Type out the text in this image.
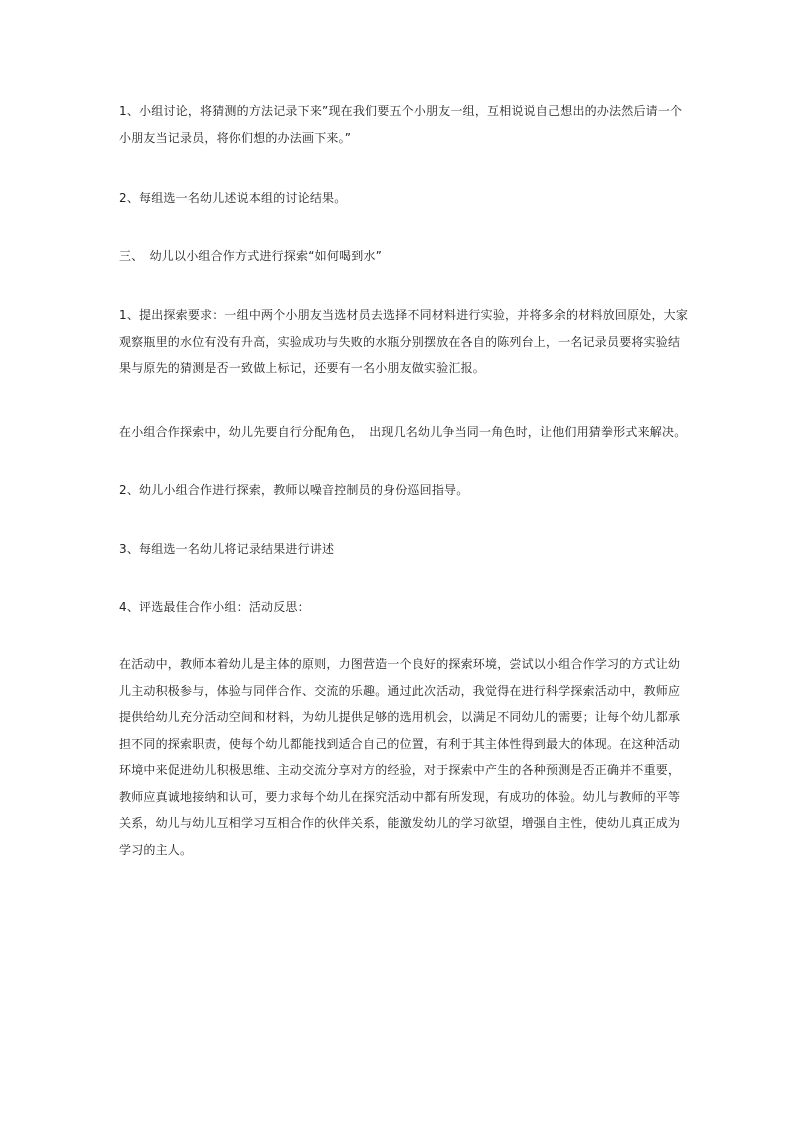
1、小组讨论，将猜测的方法记录下来”现在我们要五个小朋友一组，互相说说自己想出的办法然后请一个
小朋友当记录员，将你们想的办法画下来。”

2、每组选一名幼儿述说本组的讨论结果。

三、　幼儿以小组合作方式进行探索“如何喝到水”

1、提出探索要求：一组中两个小朋友当选材员去选择不同材料进行实验，并将多余的材料放回原处，大家
观察瓶里的水位有没有升高，实验成功与失败的水瓶分别摆放在各自的陈列台上，一名记录员要将实验结
果与原先的猜测是否一致做上标记，还要有一名小朋友做实验汇报。

在小组合作探索中，幼儿先要自行分配角色，　出现几名幼儿争当同一角色时，让他们用猜拳形式来解决。

2、幼儿小组合作进行探索，教师以噪音控制员的身份巡回指导。

3、每组选一名幼儿将记录结果进行讲述

4、评选最佳合作小组：活动反思：

在活动中，教师本着幼儿是主体的原则，力图营造一个良好的探索环境，尝试以小组合作学习的方式让幼
儿主动积极参与，体验与同伴合作、交流的乐趣。通过此次活动，我觉得在进行科学探索活动中，教师应
提供给幼儿充分活动空间和材料，为幼儿提供足够的选用机会，以满足不同幼儿的需要；让每个幼儿都承
担不同的探索职责，使每个幼儿都能找到适合自己的位置，有利于其主体性得到最大的体现。在这种活动
环境中来促进幼儿积极思维、主动交流分享对方的经验，对于探索中产生的各种预测是否正确并不重要，
教师应真诚地接纳和认可，要力求每个幼儿在探究活动中都有所发现，有成功的体验。幼儿与教师的平等
关系，幼儿与幼儿互相学习互相合作的伙伴关系，能激发幼儿的学习欲望，增强自主性，使幼儿真正成为
学习的主人。
